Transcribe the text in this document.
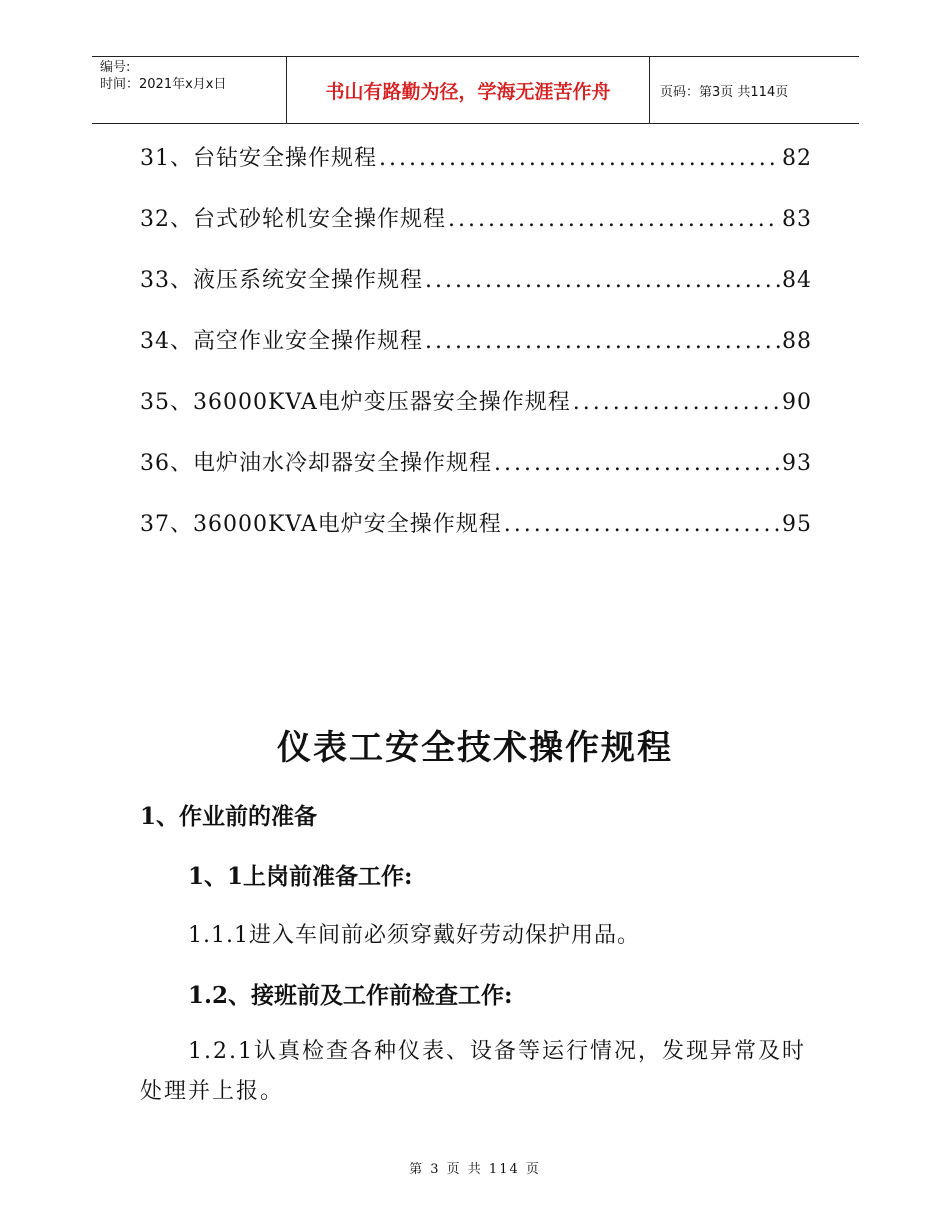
编号:
时间：2021年x月x日	书山有路勤为径，学海无涯苦作舟	页码：第3页 共114页
31、 台钻安全操作规程 .....	82
32、 台式砂轮机安全操作规程 .....	83
33、 液压系统安全操作规程 .....	84
34、 高空作业安全操作规程 .....	88
35、 36000KVA电炉变压器安全操作规程 .....	90
36、 电炉油水冷却器安全操作规程 .....	93
37、 36000KVA电炉安全操作规程 .....	95
仪表工安全技术操作规程
1、作业前的准备
1、1上岗前准备工作:
1.1.1进入车间前必须穿戴好劳动保护用品。
1.2、接班前及工作前检查工作:
1.2.1认真检查各种仪表、设备等运行情况，发现异常及时处理并上报。
第 3 页 共 114 页
